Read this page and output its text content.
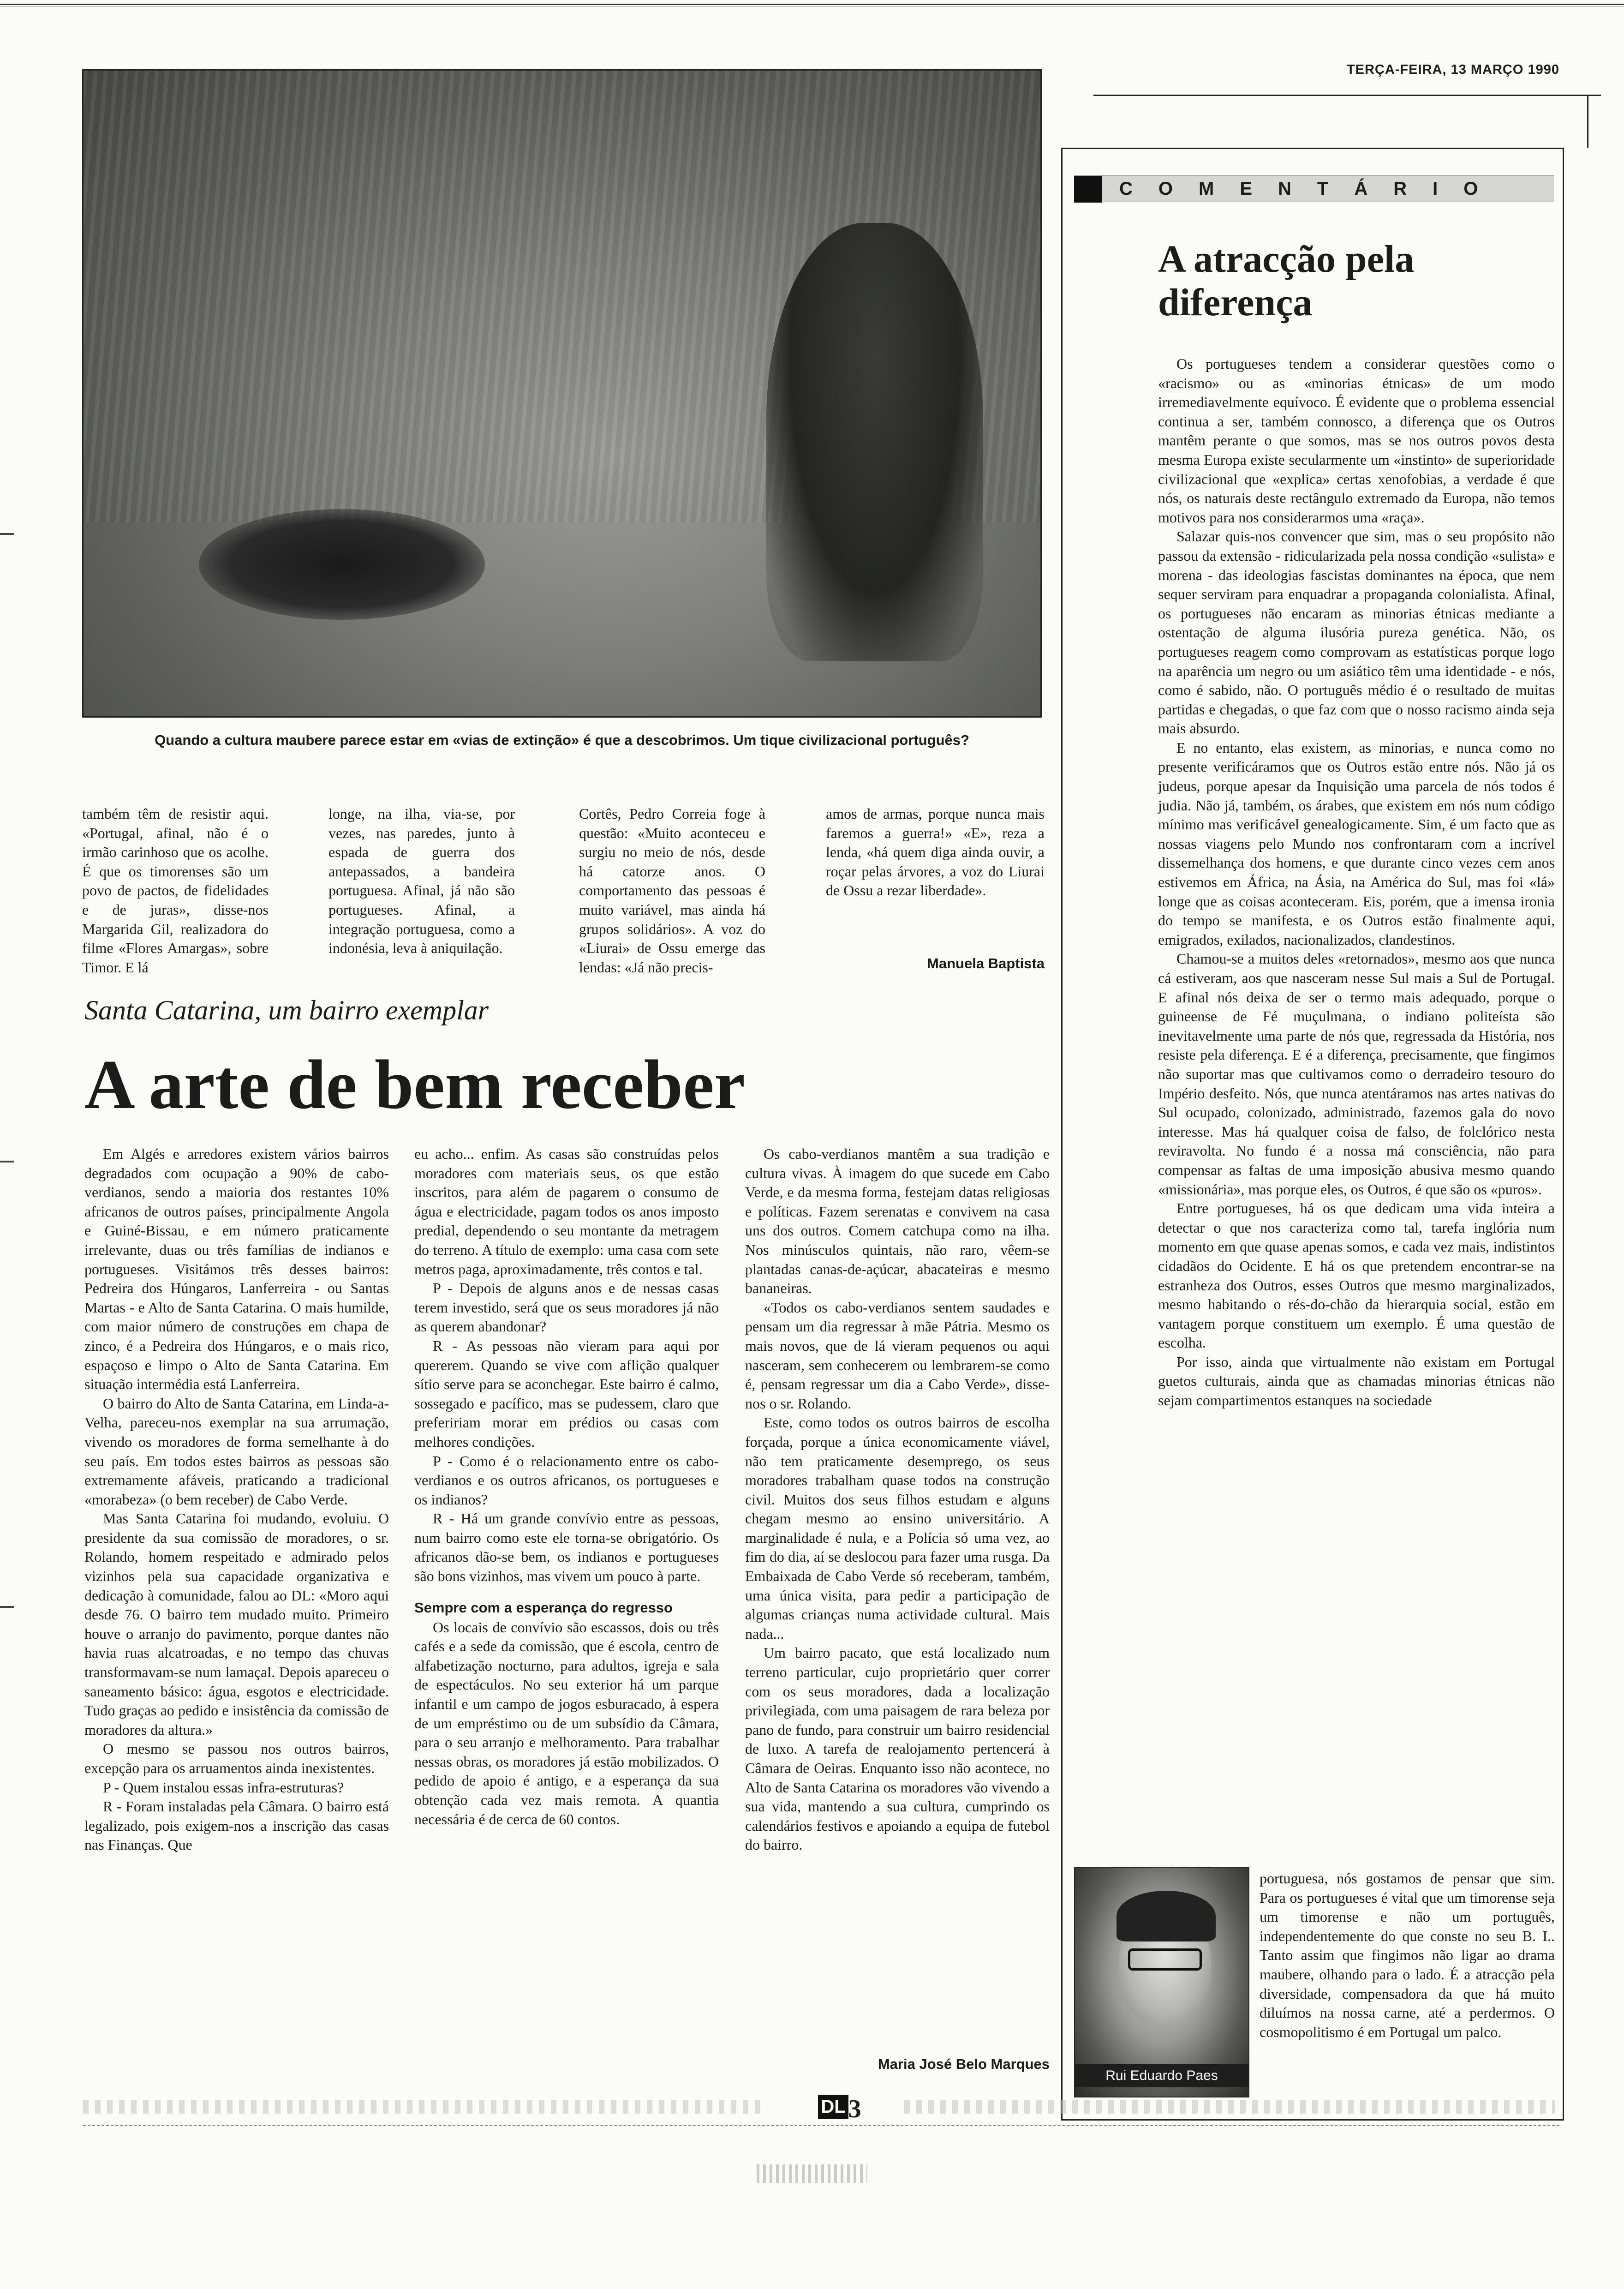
TERÇA-FEIRA, 13 MARÇO 1990
Quando a cultura maubere parece estar em «vias de extinção» é que a descobrimos. Um tique civilizacional português?

também têm de resistir aqui. «Portugal, afinal, não é o irmão carinhoso que os acolhe. É que os timorenses são um povo de pactos, de fidelidades e de juras», disse-nos Margarida Gil, realizadora do filme «Flores Amargas», sobre Timor. E lá

longe, na ilha, via-se, por vezes, nas paredes, junto à espada de guerra dos antepassados, a bandeira portuguesa. Afinal, já não são portugueses. Afinal, a integração portuguesa, como a indonésia, leva à aniquilação.

Cortês, Pedro Correia foge à questão: «Muito aconteceu e surgiu no meio de nós, desde há catorze anos. O comportamento das pessoas é muito variável, mas ainda há grupos solidários». A voz do «Liurai» de Ossu emerge das lendas: «Já não precis-

amos de armas, porque nunca mais faremos a guerra!» «E», reza a lenda, «há quem diga ainda ouvir, a roçar pelas árvores, a voz do Liurai de Ossu a rezar liberdade».

Manuela Baptista
Santa Catarina, um bairro exemplar
A arte de bem receber

Em Algés e arredores existem vários bairros degradados com ocupação a 90% de cabo-verdianos, sendo a maioria dos restantes 10% africanos de outros países, principalmente Angola e Guiné-Bissau, e em número praticamente irrelevante, duas ou três famílias de indianos e portugueses. Visitámos três desses bairros: Pedreira dos Húngaros, Lanferreira - ou Santas Martas - e Alto de Santa Catarina. O mais humilde, com maior número de construções em chapa de zinco, é a Pedreira dos Húngaros, e o mais rico, espaçoso e limpo o Alto de Santa Catarina. Em situação intermédia está Lanferreira.

O bairro do Alto de Santa Catarina, em Linda-a-Velha, pareceu-nos exemplar na sua arrumação, vivendo os moradores de forma semelhante à do seu país. Em todos estes bairros as pessoas são extremamente afáveis, praticando a tradicional «morabeza» (o bem receber) de Cabo Verde.

Mas Santa Catarina foi mudando, evoluiu. O presidente da sua comissão de moradores, o sr. Rolando, homem respeitado e admirado pelos vizinhos pela sua capacidade organizativa e dedicação à comunidade, falou ao DL: «Moro aqui desde 76. O bairro tem mudado muito. Primeiro houve o arranjo do pavimento, porque dantes não havia ruas alcatroadas, e no tempo das chuvas transformavam-se num lamaçal. Depois apareceu o saneamento básico: água, esgotos e electricidade. Tudo graças ao pedido e insistência da comissão de moradores da altura.»

O mesmo se passou nos outros bairros, excepção para os arruamentos ainda inexistentes.

P - Quem instalou essas infra-estruturas?

R - Foram instaladas pela Câmara. O bairro está legalizado, pois exigem-nos a inscrição das casas nas Finanças. Que

eu acho... enfim. As casas são construídas pelos moradores com materiais seus, os que estão inscritos, para além de pagarem o consumo de água e electricidade, pagam todos os anos imposto predial, dependendo o seu montante da metragem do terreno. A título de exemplo: uma casa com sete metros paga, aproximadamente, três contos e tal.

P - Depois de alguns anos e de nessas casas terem investido, será que os seus moradores já não as querem abandonar?

R - As pessoas não vieram para aqui por quererem. Quando se vive com aflição qualquer sítio serve para se aconchegar. Este bairro é calmo, sossegado e pacífico, mas se pudessem, claro que prefeririam morar em prédios ou casas com melhores condições.

P - Como é o relacionamento entre os cabo-verdianos e os outros africanos, os portugueses e os indianos?

R - Há um grande convívio entre as pessoas, num bairro como este ele torna-se obrigatório. Os africanos dão-se bem, os indianos e portugueses são bons vizinhos, mas vivem um pouco à parte.

Sempre com a esperança do regresso

Os locais de convívio são escassos, dois ou três cafés e a sede da comissão, que é escola, centro de alfabetização nocturno, para adultos, igreja e sala de espectáculos. No seu exterior há um parque infantil e um campo de jogos esburacado, à espera de um empréstimo ou de um subsídio da Câmara, para o seu arranjo e melhoramento. Para trabalhar nessas obras, os moradores já estão mobilizados. O pedido de apoio é antigo, e a esperança da sua obtenção cada vez mais remota. A quantia necessária é de cerca de 60 contos.

Os cabo-verdianos mantêm a sua tradição e cultura vivas. À imagem do que sucede em Cabo Verde, e da mesma forma, festejam datas religiosas e políticas. Fazem serenatas e convivem na casa uns dos outros. Comem catchupa como na ilha. Nos minúsculos quintais, não raro, vêem-se plantadas canas-de-açúcar, abacateiras e mesmo bananeiras.

«Todos os cabo-verdianos sentem saudades e pensam um dia regressar à mãe Pátria. Mesmo os mais novos, que de lá vieram pequenos ou aqui nasceram, sem conhecerem ou lembrarem-se como é, pensam regressar um dia a Cabo Verde», disse-nos o sr. Rolando.

Este, como todos os outros bairros de escolha forçada, porque a única economicamente viável, não tem praticamente desemprego, os seus moradores trabalham quase todos na construção civil. Muitos dos seus filhos estudam e alguns chegam mesmo ao ensino universitário. A marginalidade é nula, e a Polícia só uma vez, ao fim do dia, aí se deslocou para fazer uma rusga. Da Embaixada de Cabo Verde só receberam, também, uma única visita, para pedir a participação de algumas crianças numa actividade cultural. Mais nada...

Um bairro pacato, que está localizado num terreno particular, cujo proprietário quer correr com os seus moradores, dada a localização privilegiada, com uma paisagem de rara beleza por pano de fundo, para construir um bairro residencial de luxo. A tarefa de realojamento pertencerá à Câmara de Oeiras. Enquanto isso não acontece, no Alto de Santa Catarina os moradores vão vivendo a sua vida, mantendo a sua cultura, cumprindo os calendários festivos e apoiando a equipa de futebol do bairro.

Maria José Belo Marques
COMENTÁRIO
A atracção pela diferença

Os portugueses tendem a considerar questões como o «racismo» ou as «minorias étnicas» de um modo irremediavelmente equívoco. É evidente que o problema essencial continua a ser, também connosco, a diferença que os Outros mantêm perante o que somos, mas se nos outros povos desta mesma Europa existe secularmente um «instinto» de superioridade civilizacional que «explica» certas xenofobias, a verdade é que nós, os naturais deste rectângulo extremado da Europa, não temos motivos para nos considerarmos uma «raça».

Salazar quis-nos convencer que sim, mas o seu propósito não passou da extensão - ridicularizada pela nossa condição «sulista» e morena - das ideologias fascistas dominantes na época, que nem sequer serviram para enquadrar a propaganda colonialista. Afinal, os portugueses não encaram as minorias étnicas mediante a ostentação de alguma ilusória pureza genética. Não, os portugueses reagem como comprovam as estatísticas porque logo na aparência um negro ou um asiático têm uma identidade - e nós, como é sabido, não. O português médio é o resultado de muitas partidas e chegadas, o que faz com que o nosso racismo ainda seja mais absurdo.

E no entanto, elas existem, as minorias, e nunca como no presente verificáramos que os Outros estão entre nós. Não já os judeus, porque apesar da Inquisição uma parcela de nós todos é judia. Não já, também, os árabes, que existem em nós num código mínimo mas verificável genealogicamente. Sim, é um facto que as nossas viagens pelo Mundo nos confrontaram com a incrível dissemelhança dos homens, e que durante cinco vezes cem anos estivemos em África, na Ásia, na América do Sul, mas foi «lá» longe que as coisas aconteceram. Eis, porém, que a imensa ironia do tempo se manifesta, e os Outros estão finalmente aqui, emigrados, exilados, nacionalizados, clandestinos.

Chamou-se a muitos deles «retornados», mesmo aos que nunca cá estiveram, aos que nasceram nesse Sul mais a Sul de Portugal. E afinal nós deixa de ser o termo mais adequado, porque o guineense de Fé muçulmana, o indiano politeísta são inevitavelmente uma parte de nós que, regressada da História, nos resiste pela diferença. E é a diferença, precisamente, que fingimos não suportar mas que cultivamos como o derradeiro tesouro do Império desfeito. Nós, que nunca atentáramos nas artes nativas do Sul ocupado, colonizado, administrado, fazemos gala do novo interesse. Mas há qualquer coisa de falso, de folclórico nesta reviravolta. No fundo é a nossa má consciência, não para compensar as faltas de uma imposição abusiva mesmo quando «missionária», mas porque eles, os Outros, é que são os «puros».

Entre portugueses, há os que dedicam uma vida inteira a detectar o que nos caracteriza como tal, tarefa inglória num momento em que quase apenas somos, e cada vez mais, indistintos cidadãos do Ocidente. E há os que pretendem encontrar-se na estranheza dos Outros, esses Outros que mesmo marginalizados, mesmo habitando o rés-do-chão da hierarquia social, estão em vantagem porque constituem um exemplo. É uma questão de escolha.

Por isso, ainda que virtualmente não existam em Portugal guetos culturais, ainda que as chamadas minorias étnicas não sejam compartimentos estanques na sociedade

portuguesa, nós gostamos de pensar que sim. Para os portugueses é vital que um timorense seja um timorense e não um português, independentemente do que conste no seu B. I.. Tanto assim que fingimos não ligar ao drama maubere, olhando para o lado. É a atracção pela diversidade, compensadora da que há muito diluímos na nossa carne, até a perdermos. O cosmopolitismo é em Portugal um palco.

Rui Eduardo Paes
DL 3
